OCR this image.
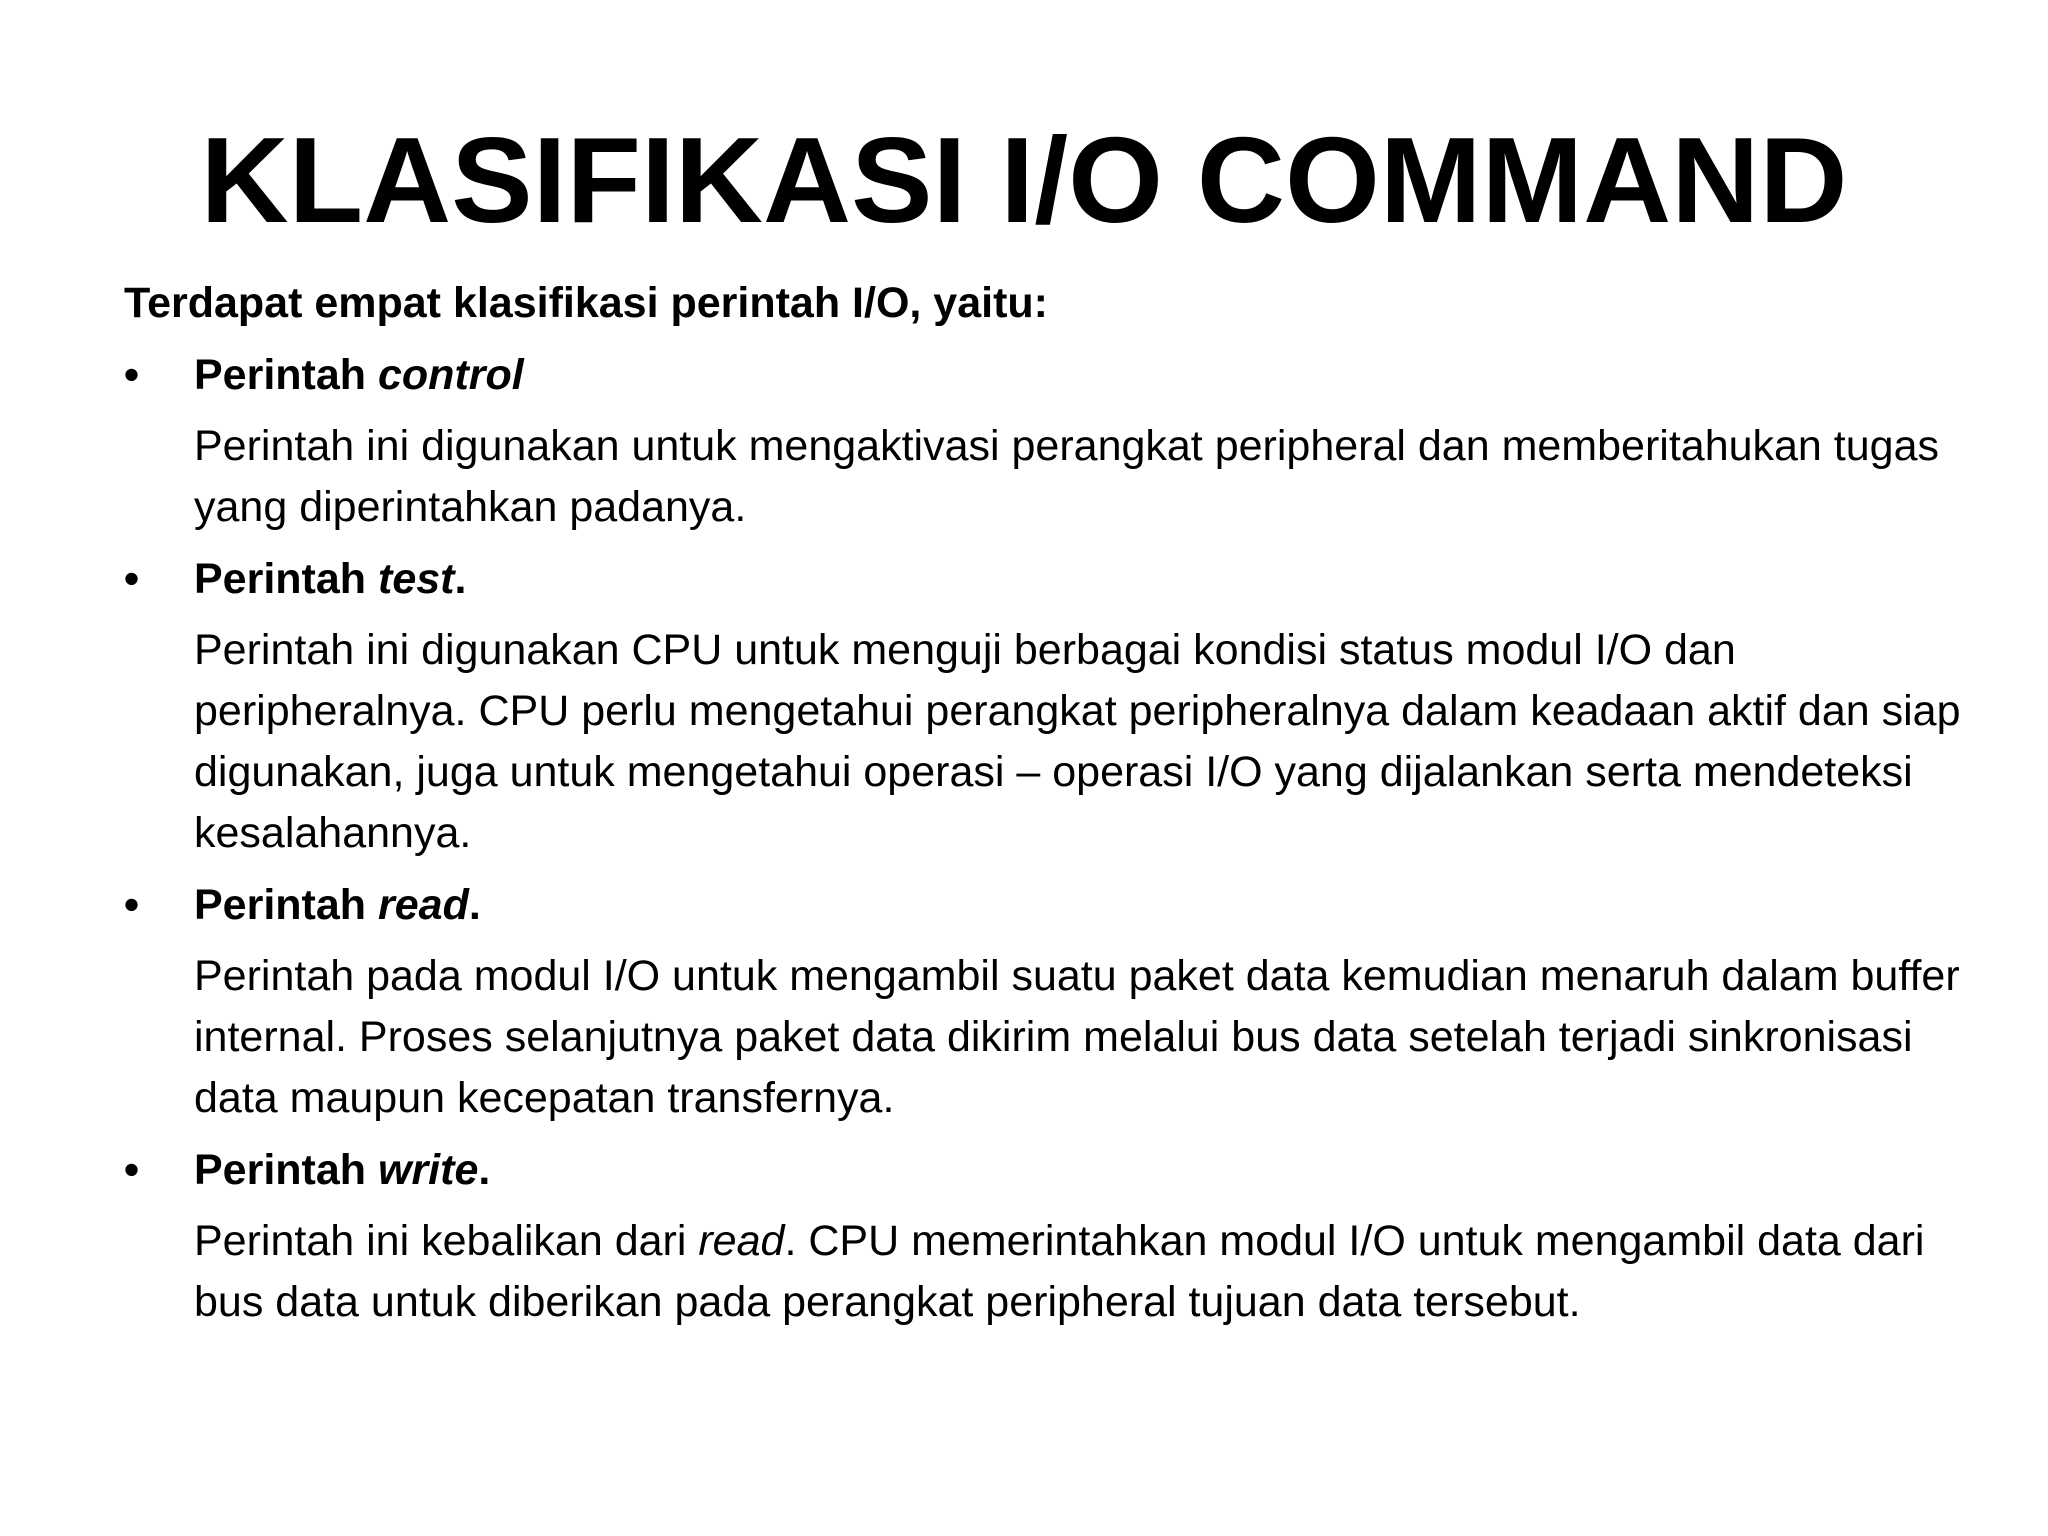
KLASIFIKASI I/O COMMAND

Terdapat empat klasifikasi perintah I/O, yaitu:

•	Perintah control
Perintah ini digunakan untuk mengaktivasi perangkat peripheral dan memberitahukan tugas yang diperintahkan padanya.
•	Perintah test.
Perintah ini digunakan CPU untuk menguji berbagai kondisi status modul I/O dan peripheralnya. CPU perlu mengetahui perangkat peripheralnya dalam keadaan aktif dan siap digunakan, juga untuk mengetahui operasi – operasi I/O yang dijalankan serta mendeteksi kesalahannya.
•	Perintah read.
Perintah pada modul I/O untuk mengambil suatu paket data kemudian menaruh dalam buffer internal. Proses selanjutnya paket data dikirim melalui bus data setelah terjadi sinkronisasi data maupun kecepatan transfernya.
•	Perintah write.
Perintah ini kebalikan dari read. CPU memerintahkan modul I/O untuk mengambil data dari bus data untuk diberikan pada perangkat peripheral tujuan data tersebut.
